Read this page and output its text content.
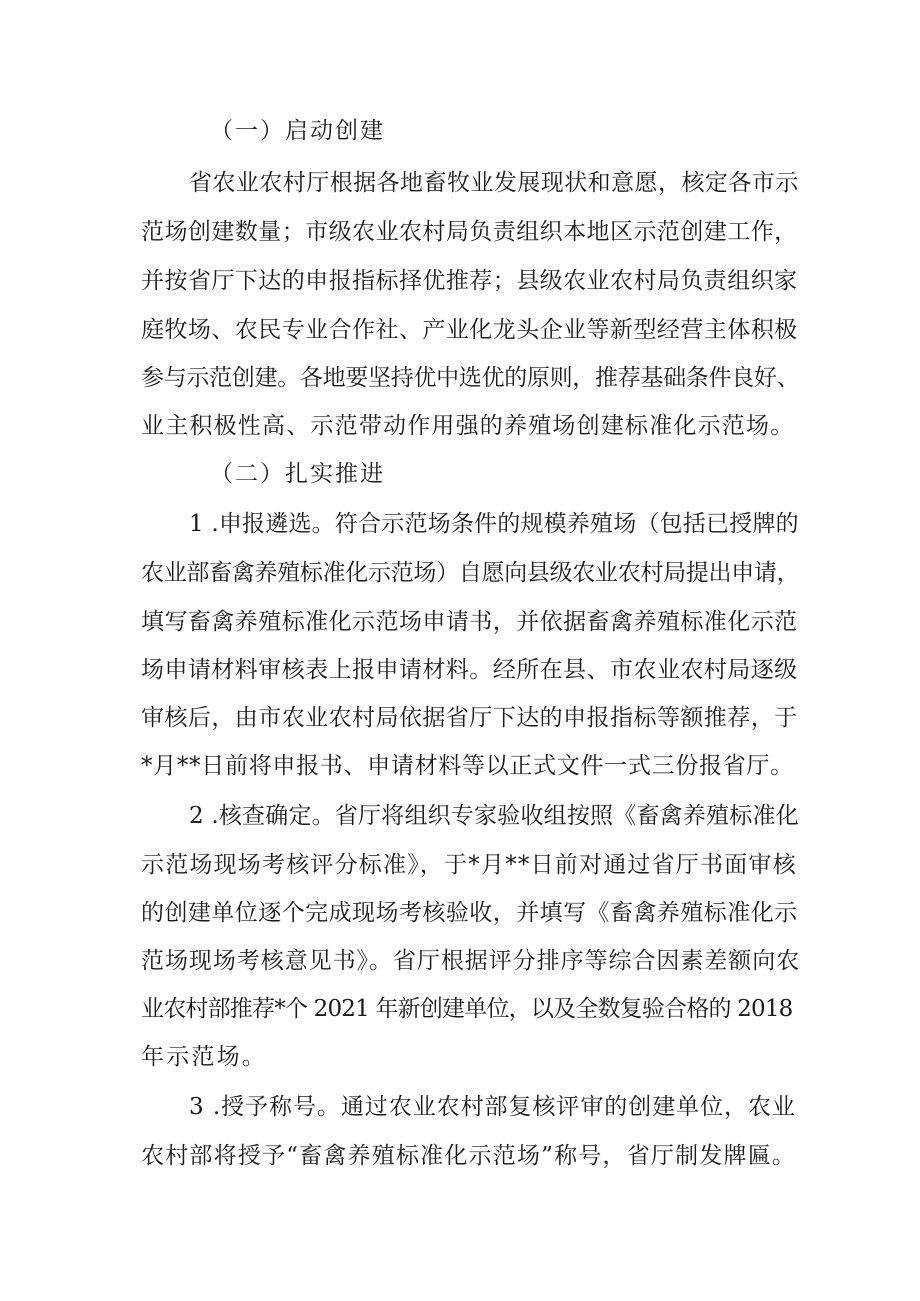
（一）启动创建
省农业农村厅根据各地畜牧业发展现状和意愿，核定各市示
范场创建数量；市级农业农村局负责组织本地区示范创建工作，
并按省厅下达的申报指标择优推荐；县级农业农村局负责组织家
庭牧场、农民专业合作社、产业化龙头企业等新型经营主体积极
参与示范创建。各地要坚持优中选优的原则，推荐基础条件良好、
业主积极性高、示范带动作用强的养殖场创建标准化示范场。
（二）扎实推进
1 .申报遴选。符合示范场条件的规模养殖场（包括已授牌的
农业部畜禽养殖标准化示范场）自愿向县级农业农村局提出申请，
填写畜禽养殖标准化示范场申请书，并依据畜禽养殖标准化示范
场申请材料审核表上报申请材料。经所在县、市农业农村局逐级
审核后，由市农业农村局依据省厅下达的申报指标等额推荐，于
*月**日前将申报书、申请材料等以正式文件一式三份报省厅。
2 .核查确定。省厅将组织专家验收组按照《畜禽养殖标准化
示范场现场考核评分标准》，于*月**日前对通过省厅书面审核
的创建单位逐个完成现场考核验收，并填写《畜禽养殖标准化示
范场现场考核意见书》。省厅根据评分排序等综合因素差额向农
业农村部推荐*个 2021 年新创建单位，以及全数复验合格的 2018
年示范场。
3 .授予称号。通过农业农村部复核评审的创建单位，农业
农村部将授予“畜禽养殖标准化示范场”称号，省厅制发牌匾。
